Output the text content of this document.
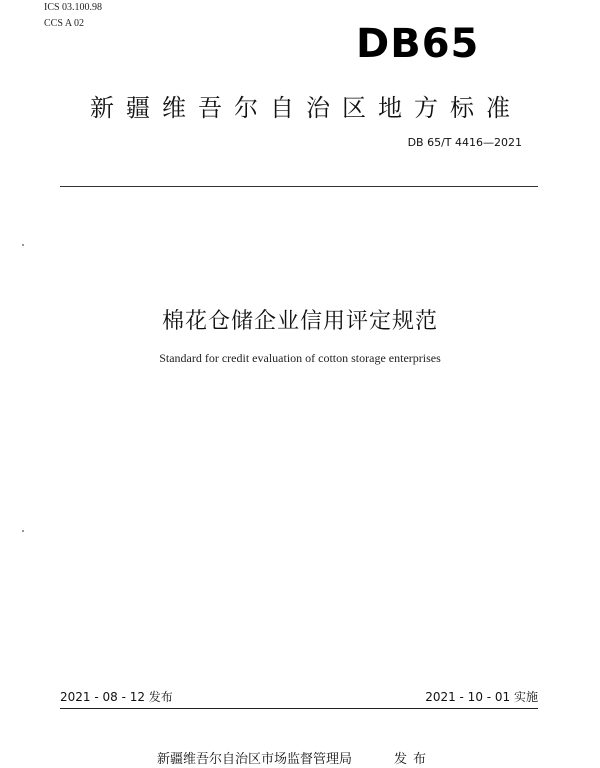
ICS 03.100.98
CCS A 02	DB65
新疆维吾尔自治区地方标准
DB 65/T 4416—2021
棉花仓储企业信用评定规范
Standard for credit evaluation of cotton storage enterprises
2021 - 08 - 12 发布	2021 - 10 - 01 实施
新疆维吾尔自治区市场监督管理局	发布
